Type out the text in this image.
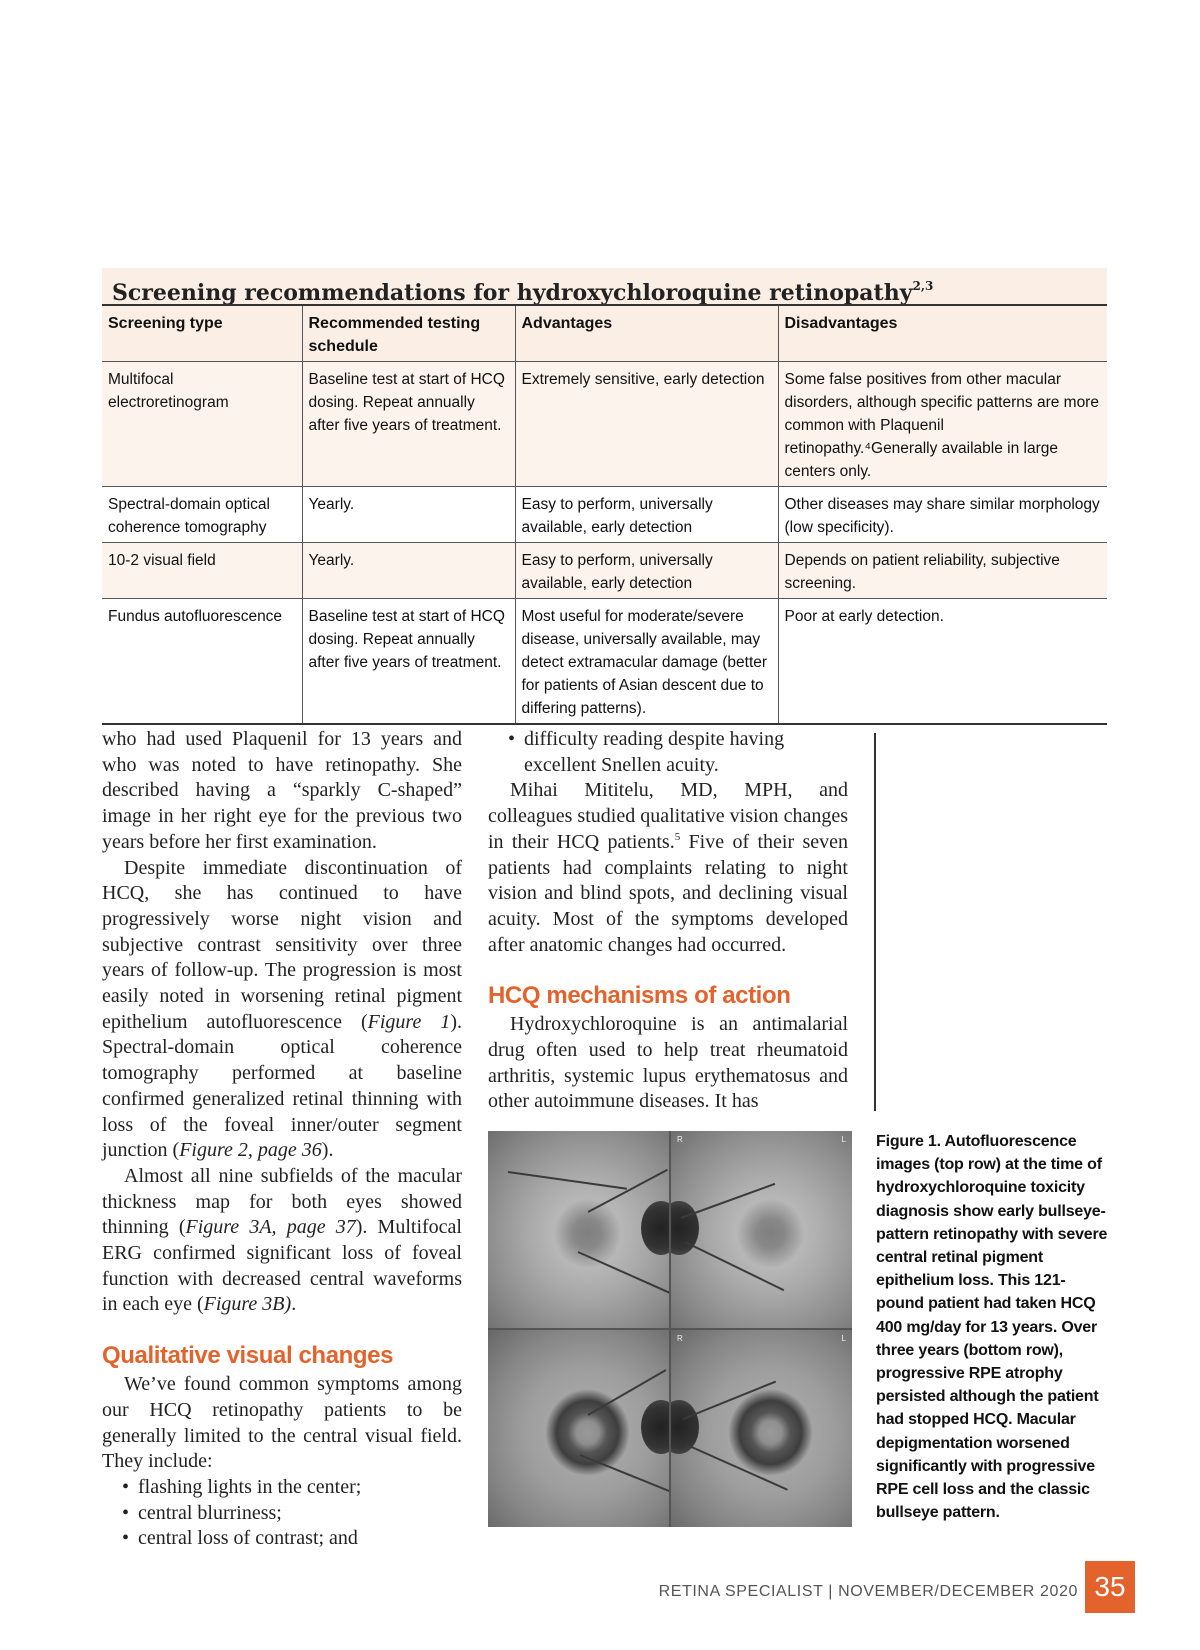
Screening recommendations for hydroxychloroquine retinopathy$^{2,3}$
Screening type	Recommended testing schedule	Advantages	Disadvantages
Multifocal electroretinogram	Baseline test at start of HCQ dosing. Repeat annually after five years of treatment.	Extremely sensitive, early detection	Some false positives from other macular disorders, although specific patterns are more common with Plaquenil retinopathy.⁴Generally available in large centers only.
Spectral-domain optical coherence tomography	Yearly.	Easy to perform, universally available, early detection	Other diseases may share similar morphology (low specificity).
10-2 visual field	Yearly.	Easy to perform, universally available, early detection	Depends on patient reliability, subjective screening.
Fundus autofluorescence	Baseline test at start of HCQ dosing. Repeat annually after five years of treatment.	Most useful for moderate/severe disease, universally available, may detect extramacular damage (better for patients of Asian descent due to differing patterns).	Poor at early detection.

who had used Plaquenil for 13 years and who was noted to have retinopathy. She described having a “sparkly C-shaped” image in her right eye for the previous two years before her first examination.

Despite immediate discontinuation of HCQ, she has continued to have progressively worse night vision and subjective contrast sensitivity over three years of follow-up. The progression is most easily noted in worsening retinal pigment epithelium autofluorescence (Figure 1). Spectral-domain optical coherence tomography performed at baseline confirmed generalized retinal thinning with loss of the foveal inner/outer segment junction (Figure 2, page 36).

Almost all nine subfields of the macular thickness map for both eyes showed thinning (Figure 3A, page 37). Multifocal ERG confirmed significant loss of foveal function with decreased central waveforms in each eye (Figure 3B).

Qualitative visual changes

We’ve found common symptoms among our HCQ retinopathy patients to be generally limited to the central visual field. They include:

• flashing lights in the center;
• central blurriness;
• central loss of contrast; and
• difficulty reading despite having excellent Snellen acuity.

Mihai Mititelu, MD, MPH, and colleagues studied qualitative vision changes in their HCQ patients.$^5$ Five of their seven patients had complaints relating to night vision and blind spots, and declining visual acuity. Most of the symptoms developed after anatomic changes had occurred.

HCQ mechanisms of action

Hydroxychloroquine is an antimalarial drug often used to help treat rheumatoid arthritis, systemic lupus erythematosus and other autoimmune diseases. It has

R	L
R	L
Figure 1. Autofluorescence images (top row) at the time of hydroxychloroquine toxicity diagnosis show early bullseye-pattern retinopathy with severe central retinal pigment epithelium loss. This 121-pound patient had taken HCQ 400 mg/day for 13 years. Over three years (bottom row), progressive RPE atrophy persisted although the patient had stopped HCQ. Macular depigmentation worsened significantly with progressive RPE cell loss and the classic bullseye pattern.
RETINA SPECIALIST | NOVEMBER/DECEMBER 2020 35
